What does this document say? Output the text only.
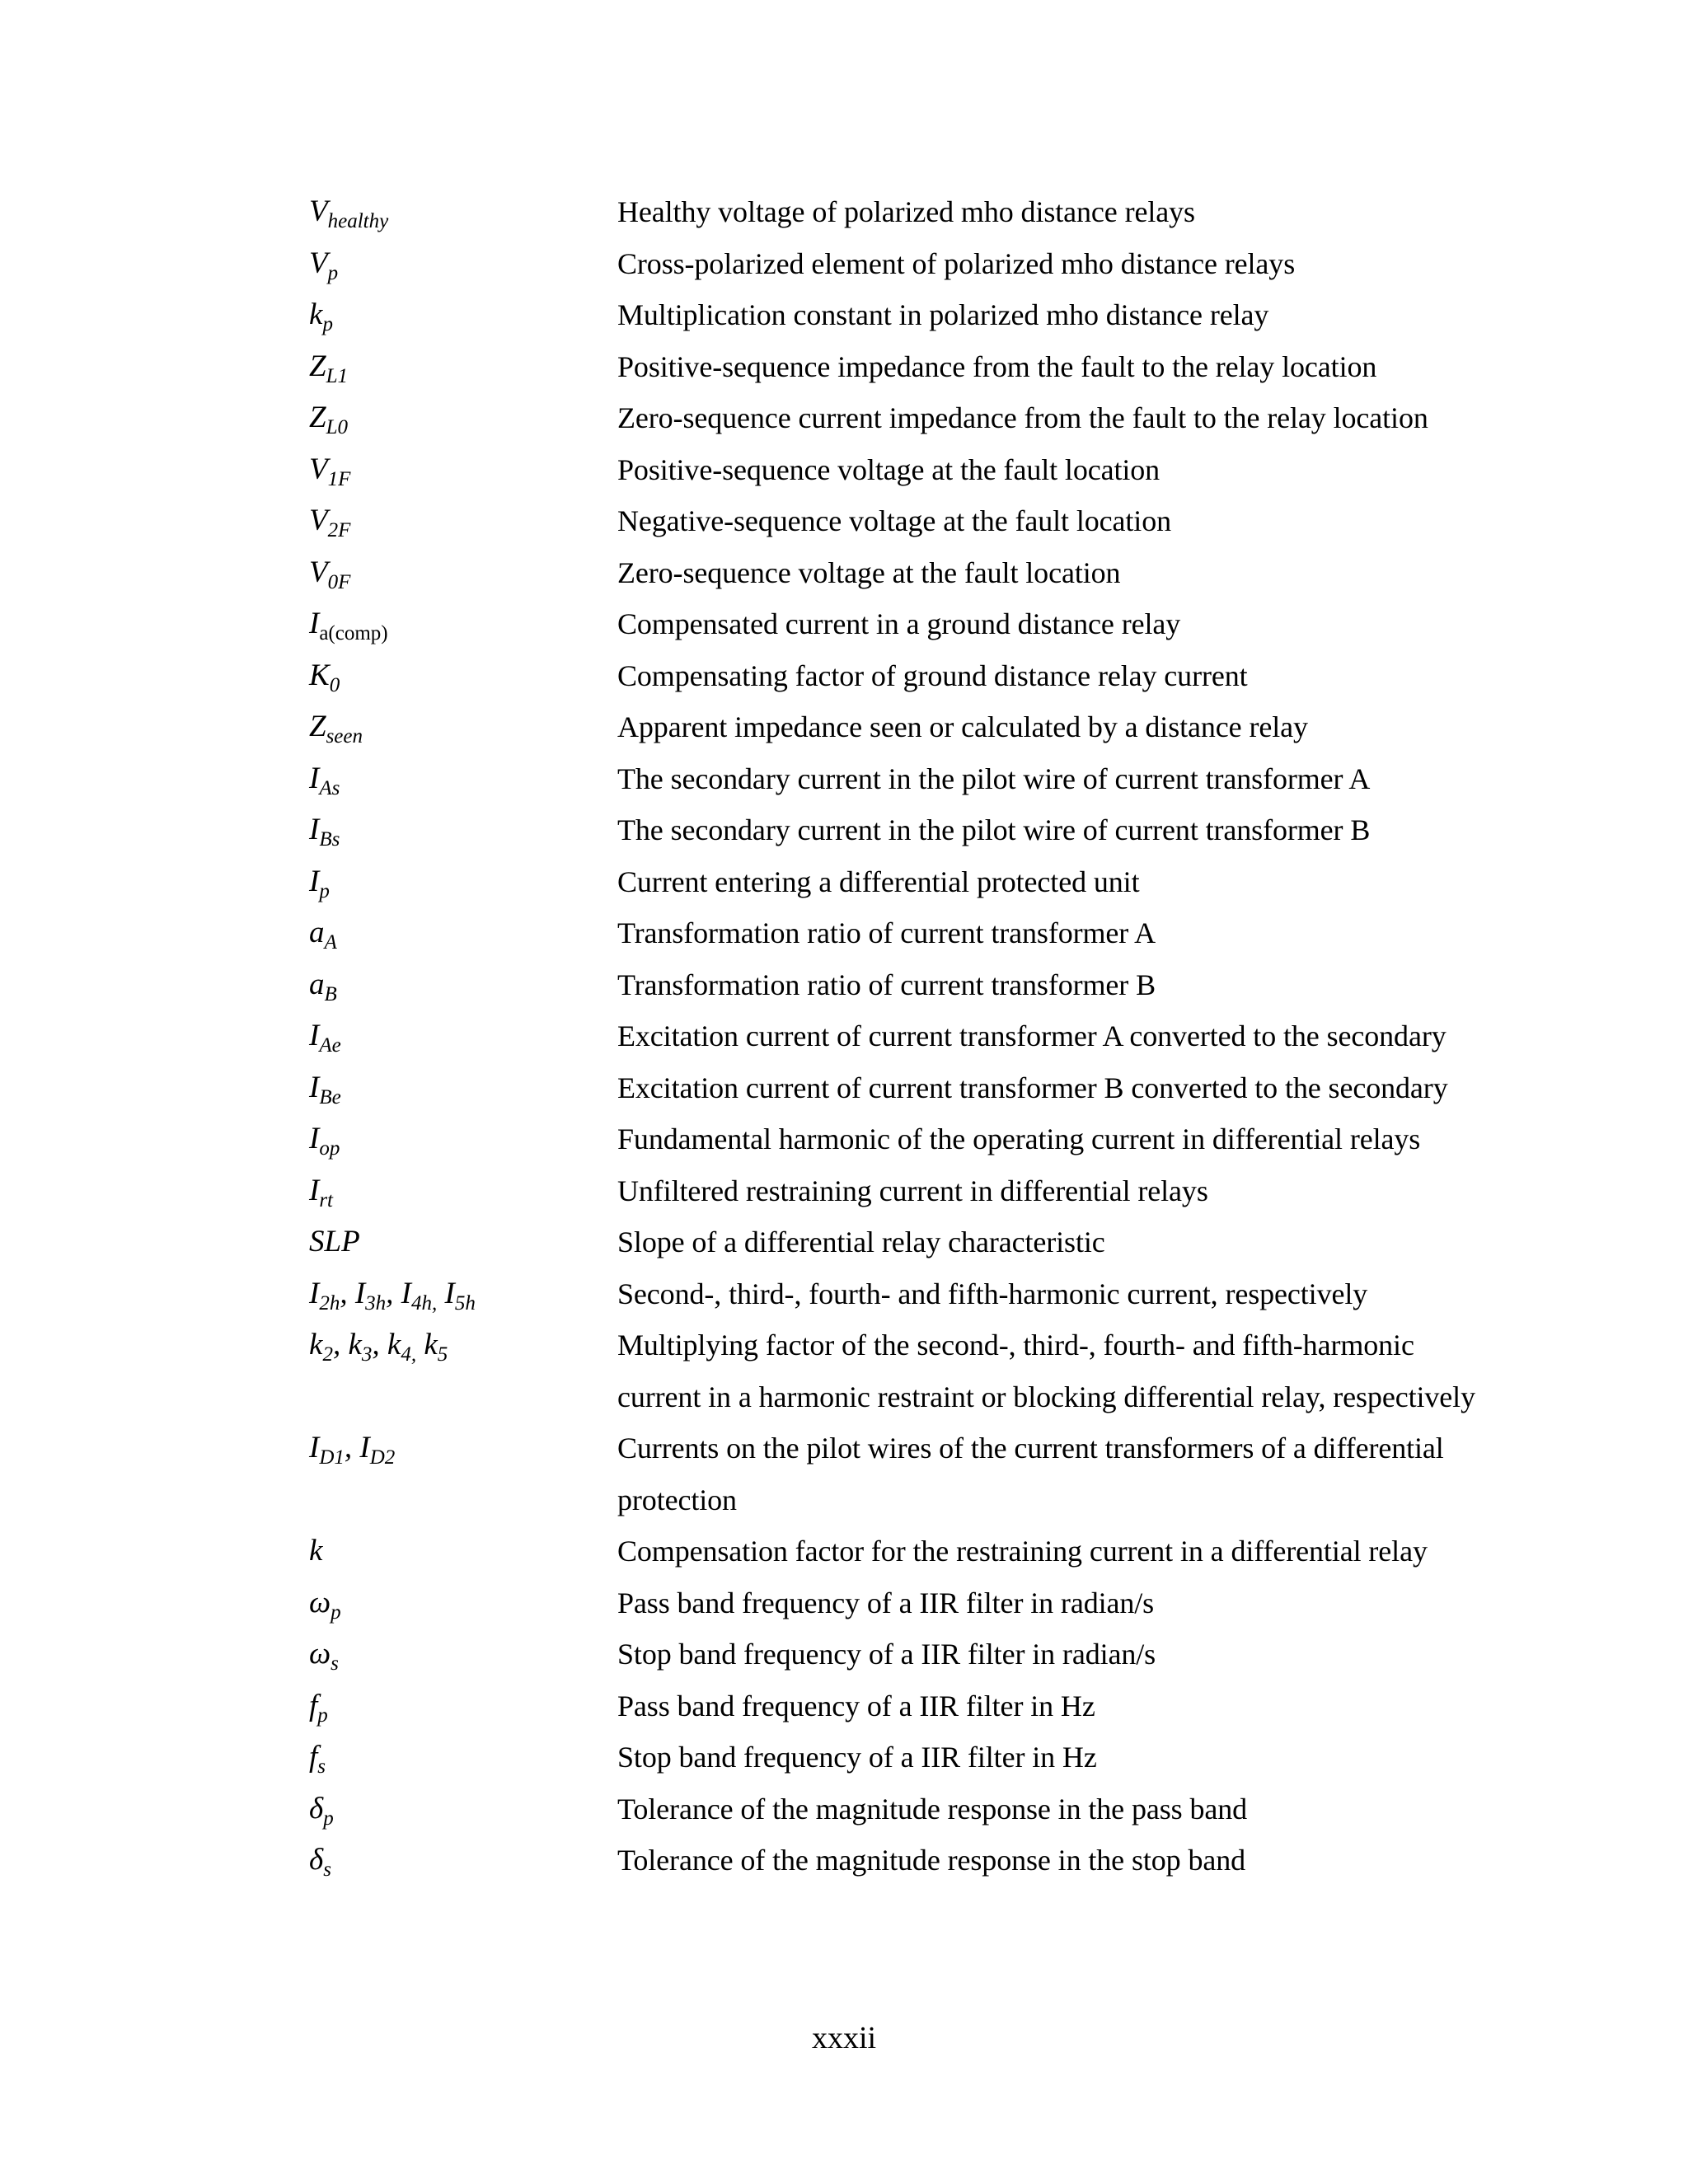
$V_{healthy}$	Healthy voltage of polarized mho distance relays
$V_p$	Cross-polarized element of polarized mho distance relays
$k_p$	Multiplication constant in polarized mho distance relay
$Z_{L1}$	Positive-sequence impedance from the fault to the relay location
$Z_{L0}$	Zero-sequence current impedance from the fault to the relay location
$V_{1F}$	Positive-sequence voltage at the fault location
$V_{2F}$	Negative-sequence voltage at the fault location
$V_{0F}$	Zero-sequence voltage at the fault location
$I_{a(comp)}$	Compensated current in a ground distance relay
$K_0$	Compensating factor of ground distance relay current
$Z_{seen}$	Apparent impedance seen or calculated by a distance relay
$I_{As}$	The secondary current in the pilot wire of current transformer A
$I_{Bs}$	The secondary current in the pilot wire of current transformer B
$I_p$	Current entering a differential protected unit
$a_A$	Transformation ratio of current transformer A
$a_B$	Transformation ratio of current transformer B
$I_{Ae}$	Excitation current of current transformer A converted to the secondary
$I_{Be}$	Excitation current of current transformer B converted to the secondary
$I_{op}$	Fundamental harmonic of the operating current in differential relays
$I_{rt}$	Unfiltered restraining current in differential relays
SLP	Slope of a differential relay characteristic
$I_{2h}$, $I_{3h}$, $I_{4h,}$ $I_{5h}$	Second-, third-, fourth- and fifth-harmonic current, respectively
$k_2$, $k_3$, $k_{4,}$ $k_5$	Multiplying factor of the second-, third-, fourth- and fifth-harmonic current in a harmonic restraint or blocking differential relay, respectively
$I_{D1}$, $I_{D2}$	Currents on the pilot wires of the current transformers of a differential protection
k	Compensation factor for the restraining current in a differential relay
$\omega_p$	Pass band frequency of a IIR filter in radian/s
$\omega_s$	Stop band frequency of a IIR filter in radian/s
$f_p$	Pass band frequency of a IIR filter in Hz
$f_s$	Stop band frequency of a IIR filter in Hz
$\delta_p$	Tolerance of the magnitude response in the pass band
$\delta_s$	Tolerance of the magnitude response in the stop band
xxxii
